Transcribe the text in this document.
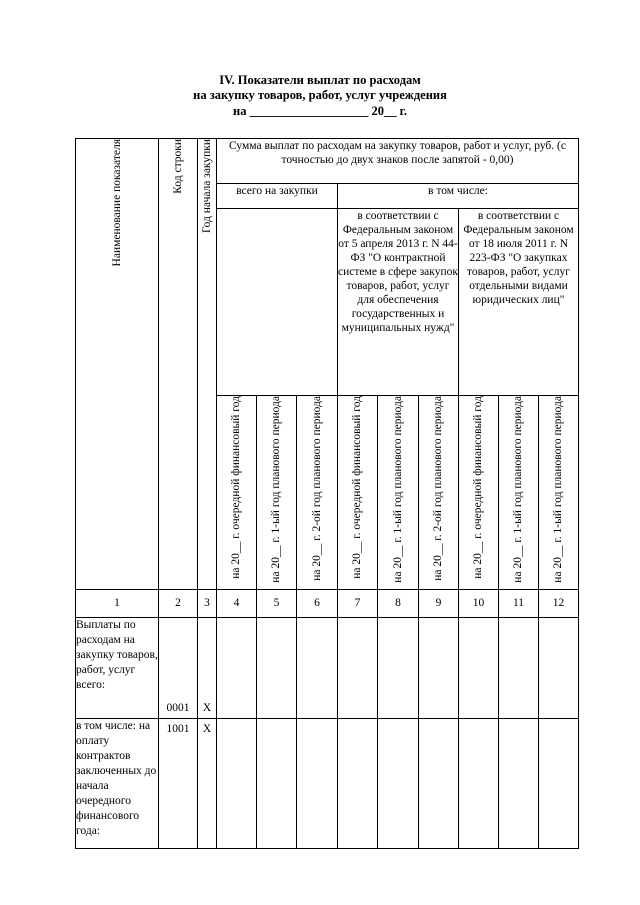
IV. Показатели выплат по расходам
на закупку товаров, работ, услуг учреждения
на ___________________ 20__ г.
Наименование показателя	Код строки	Год начала закупки	Сумма выплат по расходам на закупку товаров, работ и услуг, руб. (с точностью до двух знаков после запятой - 0,00)								
			всего на закупки			в том числе:					
						в соответствии с Федеральным законом от 5 апреля 2013 г. N 44-ФЗ "О контрактной системе в сфере закупок товаров, работ, услуг для обеспечения государственных и муниципальных нужд"			в соответствии с Федеральным законом от 18 июля 2011 г. N 223-ФЗ "О закупках товаров, работ, услуг отдельными видами юридических лиц"		

			на 20__ г. очередной финансовый год	на 20__ г. 1-ый год планового периода	на 20__ г. 2-ой год планового периода	на 20__ г. очередной финансовый год	на 20__ г. 1-ый год планового периода	на 20__ г. 2-ой год планового периода	на 20__ г. очередной финансовый год	на 20__ г. 1-ый год планового периода	на 20__ г. 1-ый год планового периода

1	2	3	4	5	6	7	8	9	10	11	12
Выплаты по расходам на закупку товаров, работ, услуг всего:	0001	X									
в том числе: на оплату контрактов заключенных до начала очередного финансового года:	1001	X									
